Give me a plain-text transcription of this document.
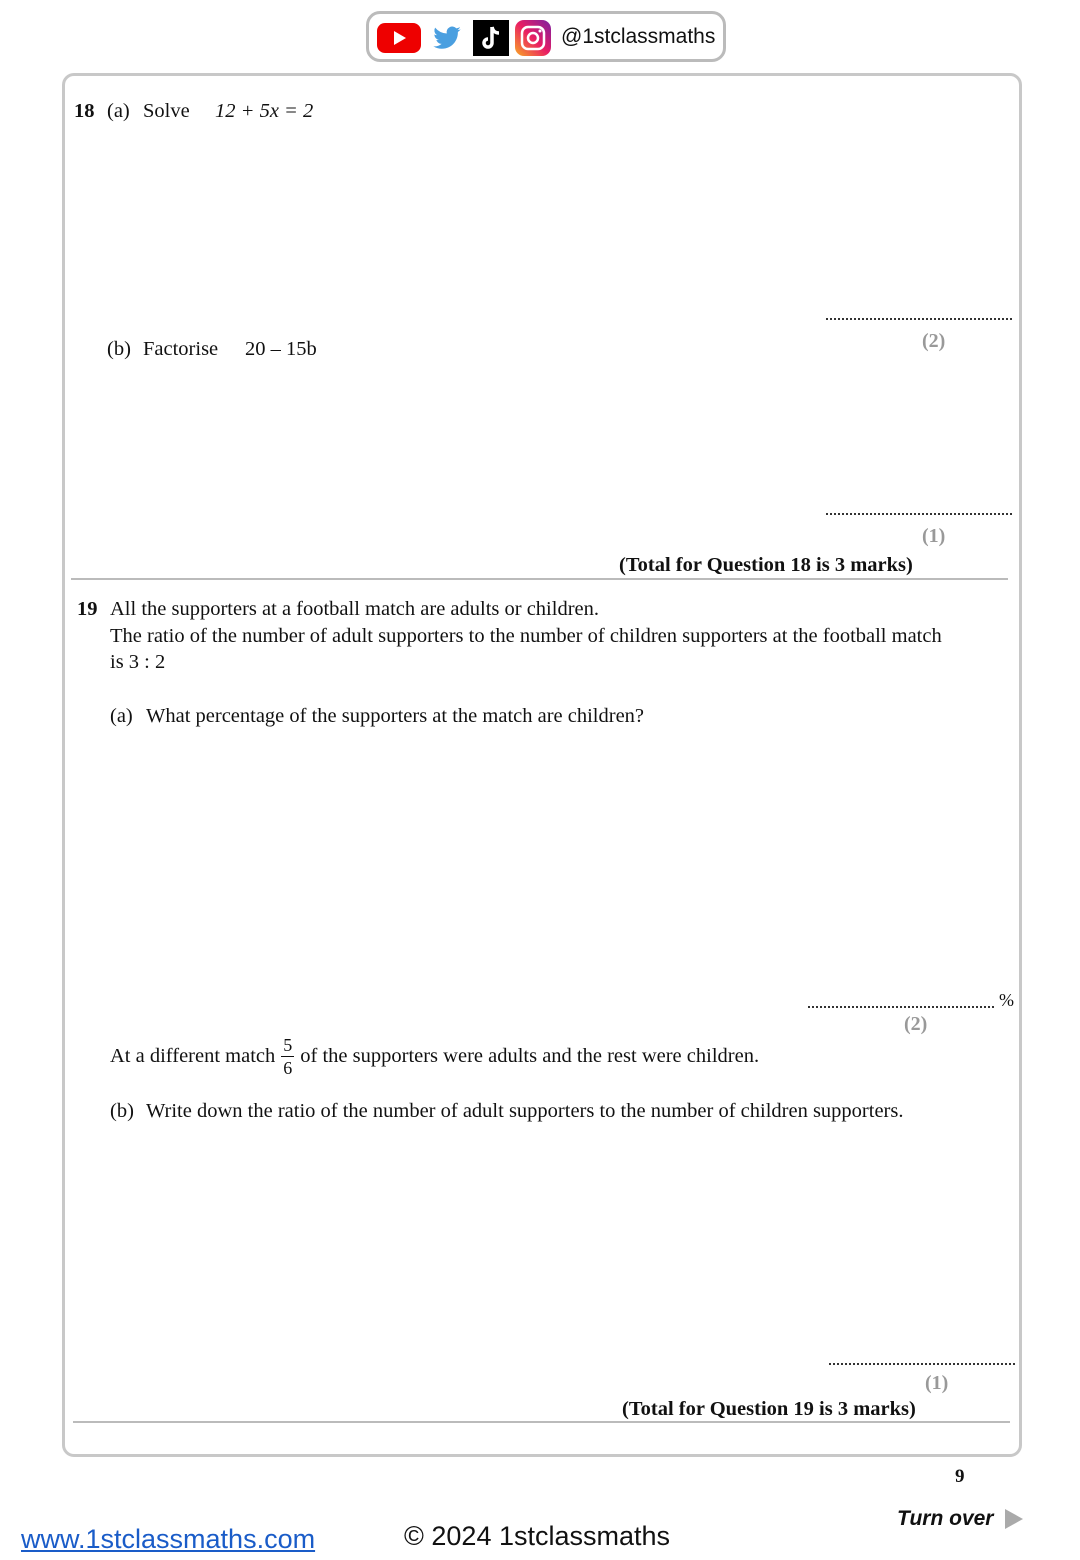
@1stclassmaths
18 (a) Solve 12 + 5x = 2
(2)
(b) Factorise 20 – 15b
(1)
(Total for Question 18 is 3 marks)
19 All the supporters at a football match are adults or children.
The ratio of the number of adult supporters to the number of children supporters at the football match
is 3 : 2
(a) What percentage of the supporters at the match are children?
%
(2)
At a different match $\frac{5}{6}$ of the supporters were adults and the rest were children.
(b) Write down the ratio of the number of adult supporters to the number of children supporters.
(1)
(Total for Question 19 is 3 marks)
9
Turn over
www.1stclassmaths.com	© 2024 1stclassmaths
